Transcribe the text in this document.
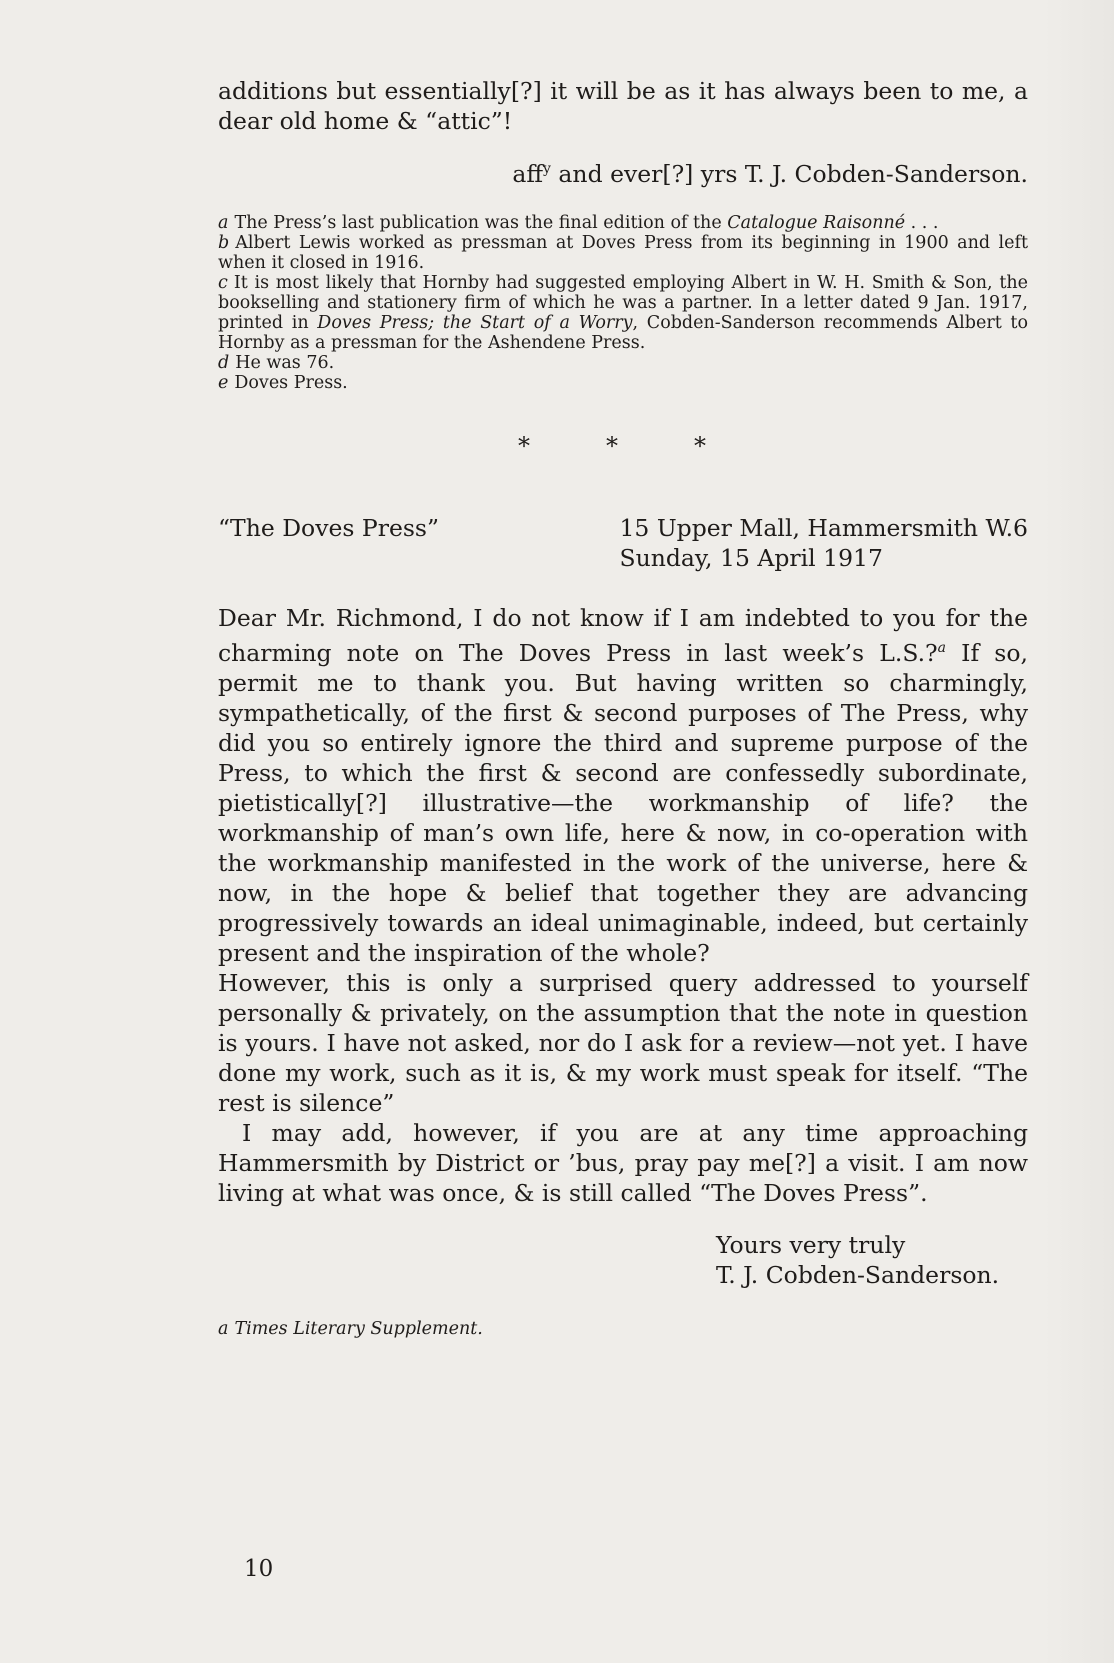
additions but essentially[?] it will be as it has always been to me, a dear old home & “attic”!

aff$^y$ and ever[?] yrs T. J. Cobden-Sanderson.

a The Press’s last publication was the final edition of the Catalogue Raisonné . . .

b Albert Lewis worked as pressman at Doves Press from its beginning in 1900 and left when it closed in 1916.

c It is most likely that Hornby had suggested employing Albert in W. H. Smith & Son, the bookselling and stationery firm of which he was a partner. In a letter dated 9 Jan. 1917, printed in Doves Press; the Start of a Worry, Cobden-Sanderson recommends Albert to Hornby as a pressman for the Ashendene Press.

d He was 76.

e Doves Press.

*	*	*
“The Doves Press”	15 Upper Mall, Hammersmith W.6
Sunday, 15 April 1917

Dear Mr. Richmond, I do not know if I am indebted to you for the charming note on The Doves Press in last week’s L.S.?$^a$ If so, permit me to thank you. But having written so charmingly, sympathetically, of the first & second purposes of The Press, why did you so entirely ignore the third and supreme purpose of the Press, to which the first & second are confessedly subordinate, pietistically[?] illustrative—the workmanship of life? the workmanship of man’s own life, here & now, in co-operation with the workmanship manifested in the work of the universe, here & now, in the hope & belief that together they are advancing progressively towards an ideal unimaginable, indeed, but certainly present and the inspiration of the whole?

However, this is only a surprised query addressed to yourself personally & privately, on the assumption that the note in question is yours. I have not asked, nor do I ask for a review—not yet. I have done my work, such as it is, & my work must speak for itself. “The rest is silence”

I may add, however, if you are at any time approaching Hammersmith by District or ’bus, pray pay me[?] a visit. I am now living at what was once, & is still called “The Doves Press”.

Yours very truly
T. J. Cobden-Sanderson.
a Times Literary Supplement.
10
